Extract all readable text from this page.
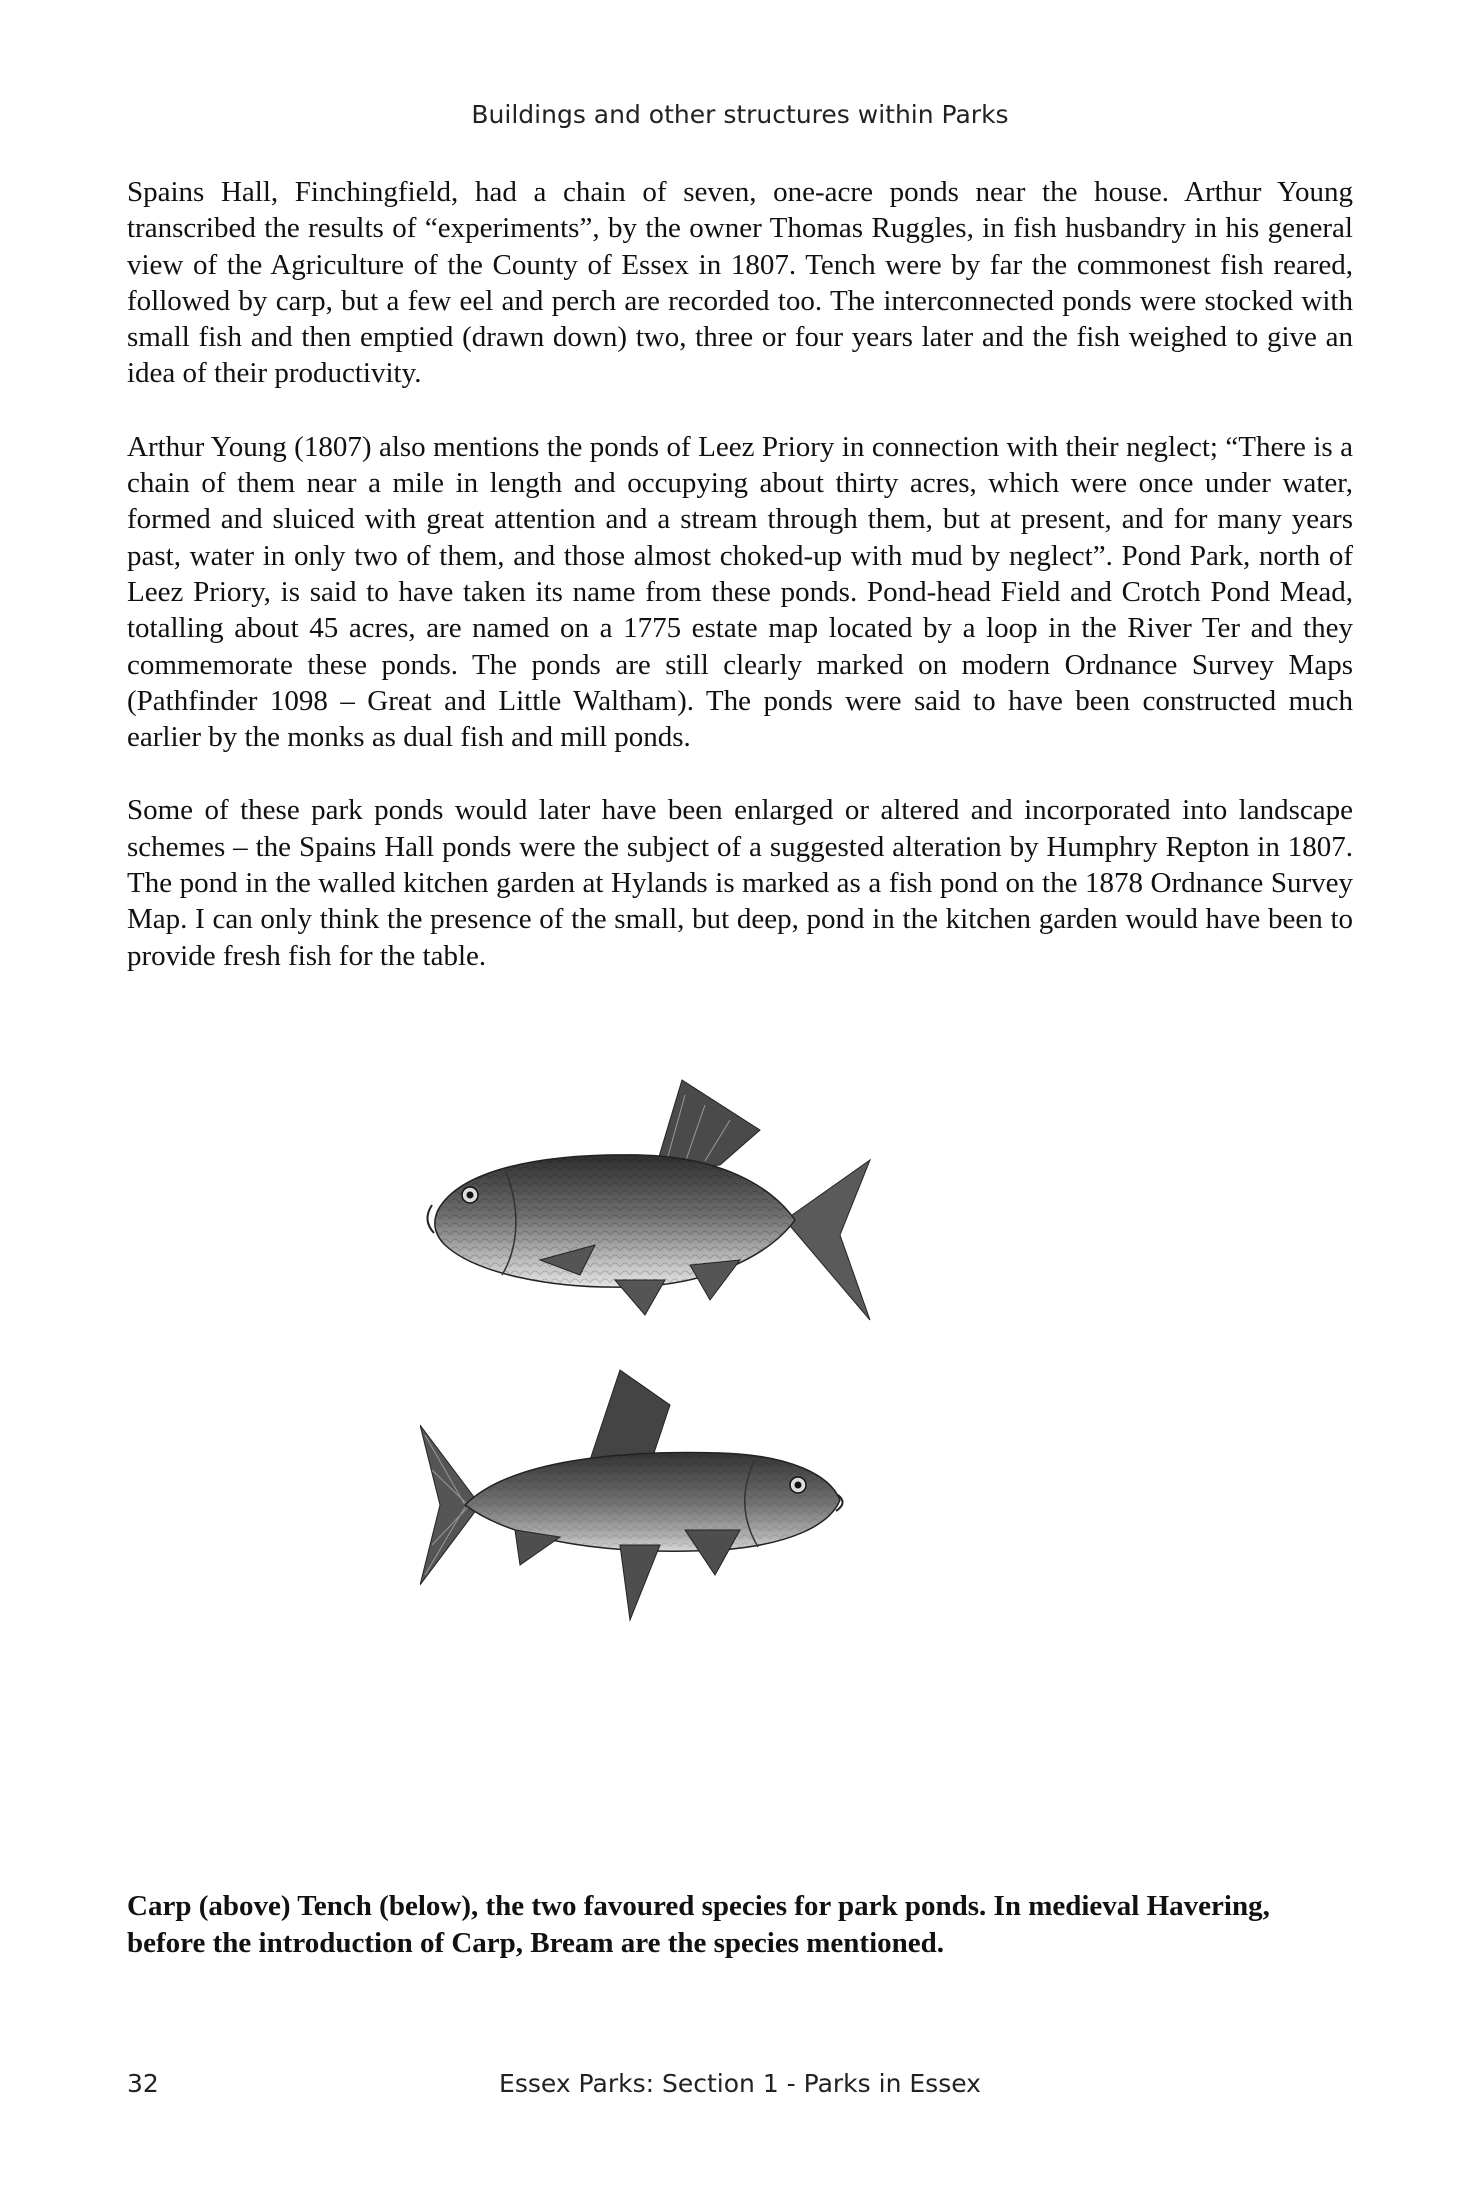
Buildings and other structures within Parks

Spains Hall, Finchingfield, had a chain of seven, one-acre ponds near the house. Arthur Young transcribed the results of “experiments”, by the owner Thomas Ruggles, in fish husbandry in his general view of the Agriculture of the County of Essex in 1807. Tench were by far the commonest fish reared, followed by carp, but a few eel and perch are recorded too. The interconnected ponds were stocked with small fish and then emptied (drawn down) two, three or four years later and the fish weighed to give an idea of their productivity.

Arthur Young (1807) also mentions the ponds of Leez Priory in connection with their neglect; “There is a chain of them near a mile in length and occupying about thirty acres, which were once under water, formed and sluiced with great attention and a stream through them, but at present, and for many years past, water in only two of them, and those almost choked-up with mud by neglect”. Pond Park, north of Leez Priory, is said to have taken its name from these ponds. Pond-head Field and Crotch Pond Mead, totalling about 45 acres, are named on a 1775 estate map located by a loop in the River Ter and they commemorate these ponds. The ponds are still clearly marked on modern Ordnance Survey Maps (Pathfinder 1098 – Great and Little Waltham). The ponds were said to have been constructed much earlier by the monks as dual fish and mill ponds.

Some of these park ponds would later have been enlarged or altered and incorporated into landscape schemes – the Spains Hall ponds were the subject of a suggested alteration by Humphry Repton in 1807. The pond in the walled kitchen garden at Hylands is marked as a fish pond on the 1878 Ordnance Survey Map. I can only think the presence of the small, but deep, pond in the kitchen garden would have been to provide fresh fish for the table.

Carp (above) Tench (below), the two favoured species for park ponds. In medieval Havering, before the introduction of Carp, Bream are the species mentioned.
32	Essex Parks: Section 1 - Parks in Essex
